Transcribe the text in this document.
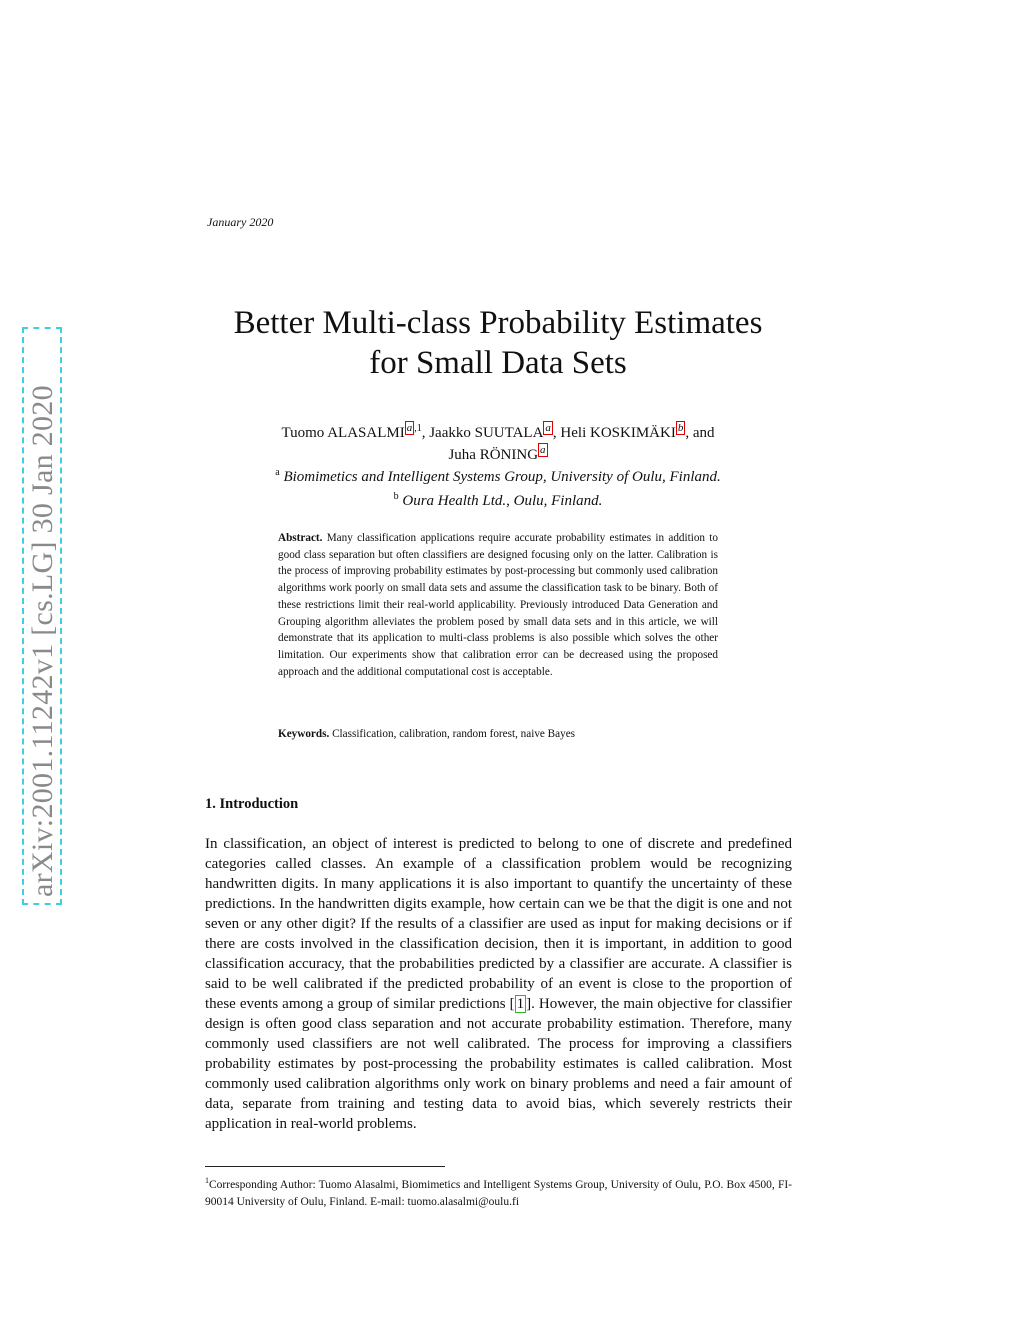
arXiv:2001.11242v1 [cs.LG] 30 Jan 2020
January 2020
Better Multi-class Probability Estimates
for Small Data Sets
Tuomo ALASALMI a $^{,1}$, Jaakko SUUTALA a , Heli KOSKIMÄKI b , and
Juha RÖNING a
$^a$ Biomimetics and Intelligent Systems Group, University of Oulu, Finland.
$^b$ Oura Health Ltd., Oulu, Finland.
Abstract. Many classification applications require accurate probability estimates in addition to good class separation but often classifiers are designed focusing only on the latter. Calibration is the process of improving probability estimates by post-processing but commonly used calibration algorithms work poorly on small data sets and assume the classification task to be binary. Both of these restrictions limit their real-world applicability. Previously introduced Data Generation and Grouping algorithm alleviates the problem posed by small data sets and in this article, we will demonstrate that its application to multi-class problems is also possible which solves the other limitation. Our experiments show that calibration error can be decreased using the proposed approach and the additional computational cost is acceptable.
Keywords. Classification, calibration, random forest, naive Bayes
1. Introduction
In classification, an object of interest is predicted to belong to one of discrete and predefined categories called classes. An example of a classification problem would be recognizing handwritten digits. In many applications it is also important to quantify the uncertainty of these predictions. In the handwritten digits example, how certain can we be that the digit is one and not seven or any other digit? If the results of a classifier are used as input for making decisions or if there are costs involved in the classification decision, then it is important, in addition to good classification accuracy, that the probabilities predicted by a classifier are accurate. A classifier is said to be well calibrated if the predicted probability of an event is close to the proportion of these events among a group of similar predictions [ 1 ]. However, the main objective for classifier design is often good class separation and not accurate probability estimation. Therefore, many commonly used classifiers are not well calibrated. The process for improving a classifiers probability estimates by post-processing the probability estimates is called calibration. Most commonly used calibration algorithms only work on binary problems and need a fair amount of data, separate from training and testing data to avoid bias, which severely restricts their application in real-world problems.
$^1$Corresponding Author: Tuomo Alasalmi, Biomimetics and Intelligent Systems Group, University of Oulu, P.O. Box 4500, FI-90014 University of Oulu, Finland. E-mail: tuomo.alasalmi@oulu.fi
